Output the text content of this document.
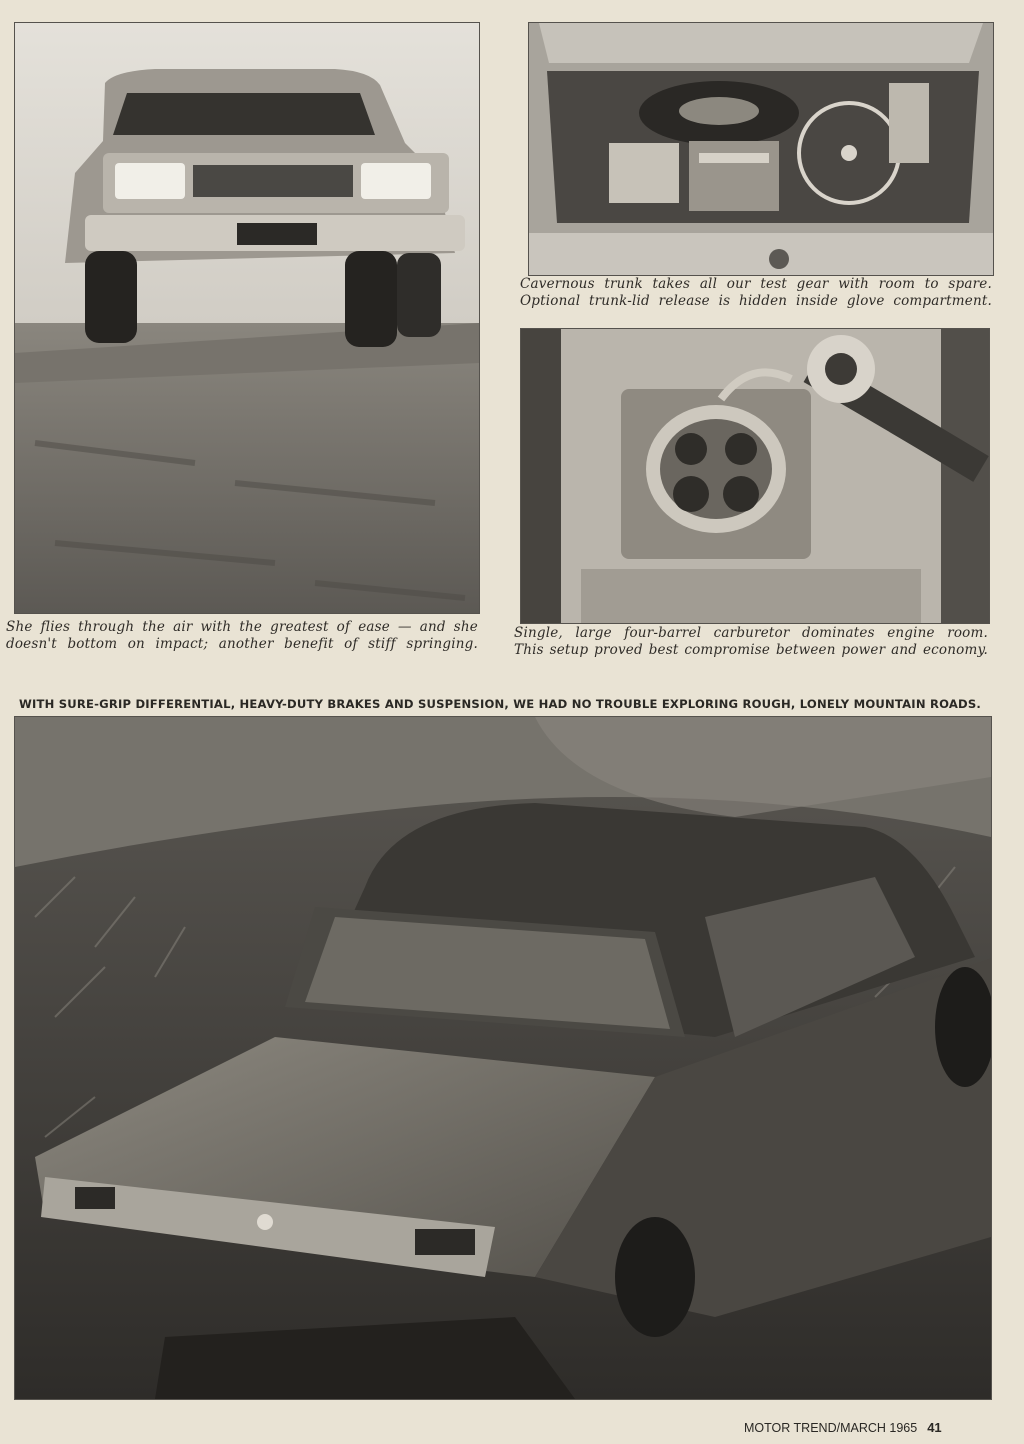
She flies through the air with the greatest of ease — and she
doesn't bottom on impact; another benefit of stiff springing.
Cavernous trunk takes all our test gear with room to spare.
Optional trunk-lid release is hidden inside glove compartment.
Single, large four-barrel carburetor dominates engine room.
This setup proved best compromise between power and economy.
WITH SURE-GRIP DIFFERENTIAL, HEAVY-DUTY BRAKES AND SUSPENSION, WE HAD NO TROUBLE EXPLORING ROUGH, LONELY MOUNTAIN ROADS.
MOTOR TREND/MARCH 1965 41
